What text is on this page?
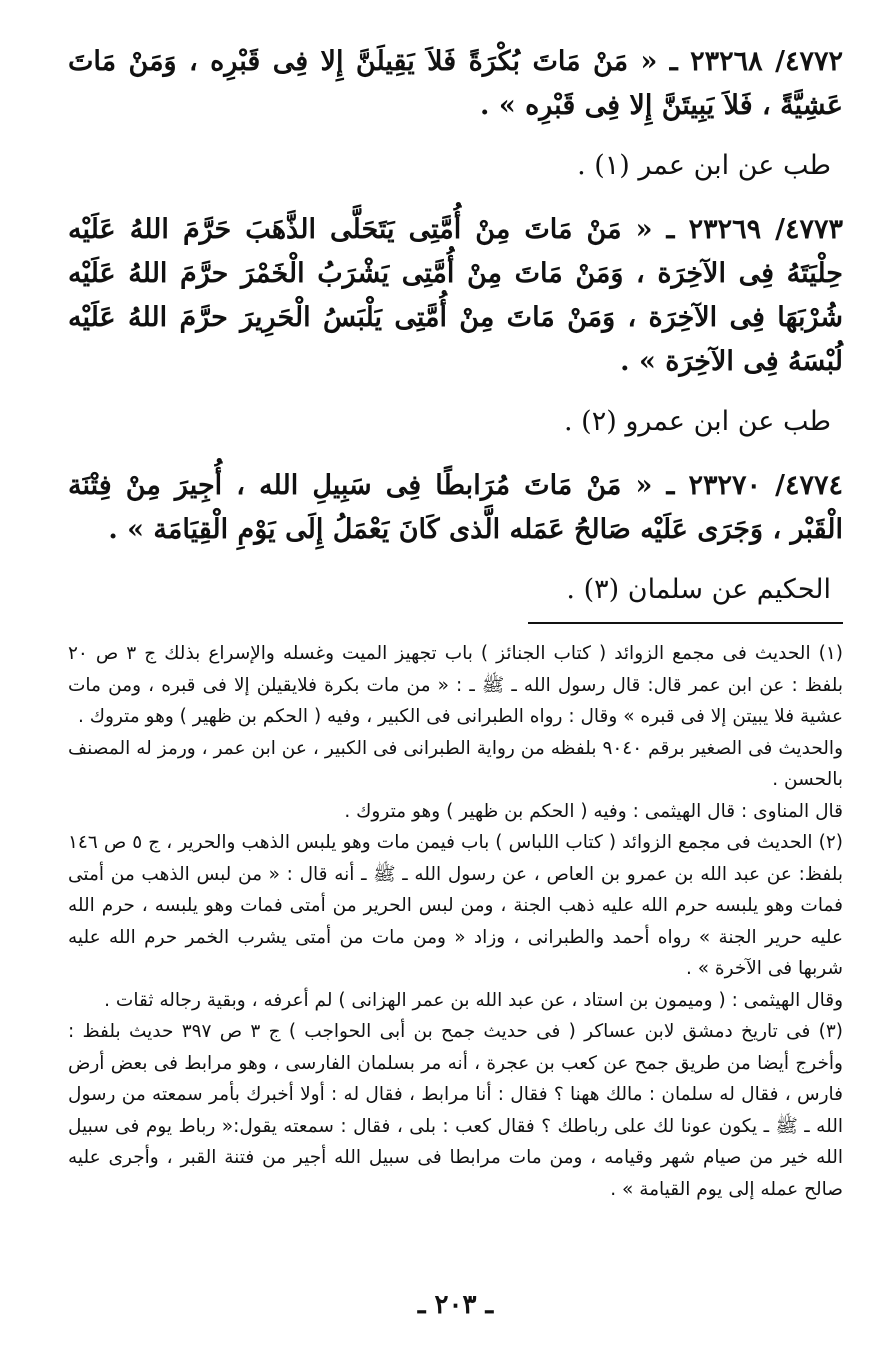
٤٧٧٢/ ٢٣٢٦٨ ـ « مَنْ مَاتَ بُكْرَةً فَلاَ يَقِيلَنَّ إِلا فِى قَبْرِه ، وَمَنْ مَاتَ عَشِيَّةً ، فَلاَ يَبِيتَنَّ إِلا فِى قَبْرِه » .

طب عن ابن عمر (١) .

٤٧٧٣/ ٢٣٢٦٩ ـ « مَنْ مَاتَ مِنْ أُمَّتِى يَتَحَلَّى الذَّهَبَ حَرَّمَ اللهُ عَلَيْه حِلْيَتَهُ فِى الآخِرَة ، وَمَنْ مَاتَ مِنْ أُمَّتِى يَشْرَبُ الْخَمْرَ حرَّمَ اللهُ عَلَيْه شُرْبَهَا فِى الآخِرَة ، وَمَنْ مَاتَ مِنْ أُمَّتِى يَلْبَسُ الْحَرِيرَ حرَّمَ اللهُ عَلَيْه لُبْسَهُ فِى الآخِرَة » .

طب عن ابن عمرو (٢) .

٤٧٧٤/ ٢٣٢٧٠ ـ « مَنْ مَاتَ مُرَابطًا فِى سَبِيلِ الله ، أُجِيرَ مِنْ فِتْنَة الْقَبْر ، وَجَرَى عَلَيْه صَالحُ عَمَله الَّذى كَانَ يَعْمَلُ إِلَى يَوْمِ الْقِيَامَة » .

الحكيم عن سلمان (٣) .

(١) الحديث فى مجمع الزوائد ( كتاب الجنائز ) باب تجهيز الميت وغسله والإسراع بذلك ج ٣ ص ٢٠ بلفظ : عن ابن عمر قال: قال رسول الله ـ ﷺ ـ : « من مات بكرة فلايقيلن إلا فى قبره ، ومن مات عشية فلا يبيتن إلا فى قبره » وقال : رواه الطبرانى فى الكبير ، وفيه ( الحكم بن ظهير ) وهو متروك .

والحديث فى الصغير برقم ٩٠٤٠ بلفظه من رواية الطبرانى فى الكبير ، عن ابن عمر ، ورمز له المصنف بالحسن .

قال المناوى : قال الهيثمى : وفيه ( الحكم بن ظهير ) وهو متروك .

(٢) الحديث فى مجمع الزوائد ( كتاب اللباس ) باب فيمن مات وهو يلبس الذهب والحرير ، ج ٥ ص ١٤٦ بلفظ: عن عبد الله بن عمرو بن العاص ، عن رسول الله ـ ﷺ ـ أنه قال : « من لبس الذهب من أمتى فمات وهو يلبسه حرم الله عليه ذهب الجنة ، ومن لبس الحرير من أمتى فمات وهو يلبسه ، حرم الله عليه حرير الجنة » رواه أحمد والطبرانى ، وزاد « ومن مات من أمتى يشرب الخمر حرم الله عليه شربها فى الآخرة » .

وقال الهيثمى : ( وميمون بن استاد ، عن عبد الله بن عمر الهزانى ) لم أعرفه ، وبقية رجاله ثقات .

(٣) فى تاريخ دمشق لابن عساكر ( فى حديث جمح بن أبى الحواجب ) ج ٣ ص ٣٩٧ حديث بلفظ : وأخرج أيضا من طريق جمح عن كعب بن عجرة ، أنه مر بسلمان الفارسى ، وهو مرابط فى بعض أرض فارس ، فقال له سلمان : مالك ههنا ؟ فقال : أنا مرابط ، فقال له : أولا أخبرك بأمر سمعته من رسول الله ـ ﷺ ـ يكون عونا لك على رباطك ؟ فقال كعب : بلى ، فقال : سمعته يقول:« رباط يوم فى سبيل الله خير من صيام شهر وقيامه ، ومن مات مرابطا فى سبيل الله أجير من فتنة القبر ، وأجرى عليه صالح عمله إلى يوم القيامة » .

ـ ٢٠٣ ـ
